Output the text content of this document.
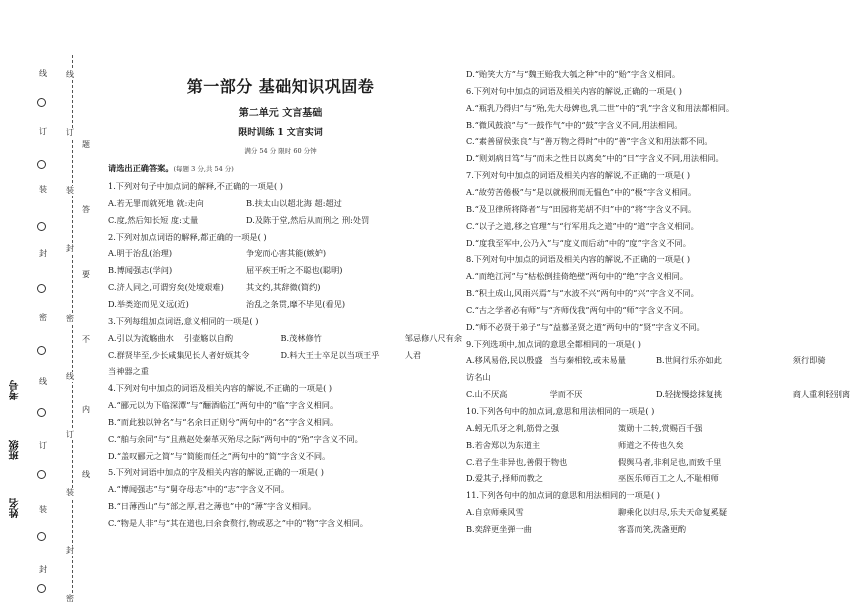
线
订
装
封
密
线
订
装
封
密
线
订
装
封
密
线
订
装
封
题
答
要
不
内
线
姓名
班级
考号
第一部分 基础知识巩固卷
第二单元 文言基础
限时训练 1 文言实词
满分 54 分 限时 60 分钟
请选出正确答案。(每题 3 分,共 54 分)
1.下列对句子中加点词的解释,不正确的一项是( )
A.若无罪而就死地 就:走向	B.扶太山以超北海 超:超过
C.度,然后知长短 度:丈量	D.及陈于堂,然后从而刑之 刑:处罚
2.下列对加点词语的解释,都正确的一项是( )
A.明于治乱(治理)	争宠而心害其能(嫉妒)
B.博闻强志(学问)	屈平疾王听之不聪也(聪明)
C.济人同之,可谓穷矣(处境艰难)	其文约,其辞微(简约)
D.举类迩而见义远(近)	治乱之条贯,靡不毕见(看见)
3.下列每组加点词语,意义相同的一项是( )
A.引以为流觞曲水 引壶觞以自酌	B.茂林修竹	邹忌修八尺有余
C.群贤毕至,少长咸集 见长人者好烦其令	D.料大王士卒足以当项王乎	人君
当神器之重
4.下列对句中加点的词语及相关内容的解说,不正确的一项是( )
A.“郦元以为下临深潭”与“酾酒临江”两句中的“临”字含义相同。
B.“而此独以钟名”与“名余曰正则兮”两句中的“名”字含义相同。
C.“舶与余同”与“且燕赵处秦革灭殆尽之际”两句中的“殆”字含义不同。
D.“盖叹郦元之简”与“简能而任之”两句中的“简”字含义不同。
5.下列对词语中加点的字及相关内容的解说,正确的一项是( )
A.“博闻强志”与“舅夺母志”中的“志”字含义不同。
B.“日薄西山”与“部之厚,君之薄也”中的“薄”字含义相同。
C.“物是人非”与“其在道也,曰余食赘行,物或恶之”中的“物”字含义相同。
D.“贻笑大方”与“魏王贻我大瓠之种”中的“贻”字含义相同。
6.下列对句中加点的词语及相关内容的解说,正确的一项是( )
A.“瓶乳乃得归”与“殆,先大母婢也,乳二世”中的“乳”字含义和用法都相同。
B.“微风鼓浪”与“一鼓作气”中的“鼓”字含义不同,用法相同。
C.“素善留侯张良”与“善万物之得时”中的“善”字含义和用法都不同。
D.“则刘病日笃”与“而未之性日以离矣”中的“日”字含义不同,用法相同。
7.下列对句中加点的词语及相关内容的解说,不正确的一项是( )
A.“故劳苦倦极”与“是以就极刑而无愠色”中的“极”字含义相同。
B.“及卫律所将降者”与“田园将芜胡不归”中的“将”字含义不同。
C.“以子之道,移之官理”与“行军用兵之道”中的“道”字含义相同。
D.“度我至军中,公乃入”与“度义而后动”中的“度”字含义不同。
8.下列对句中加点的词语及相关内容的解说,不正确的一项是( )
A.“而绝江河”与“枯松倒挂倚绝壁”两句中的“绝”字含义相同。
B.“积土成山,风雨兴焉”与“水波不兴”两句中的“兴”字含义不同。
C.“古之学者必有师”与“齐师伐我”两句中的“师”字含义不同。
D.“师不必贤于弟子”与“益慕圣贤之道”两句中的“贤”字含义不同。
9.下列选项中,加点词的意思全都相同的一项是( )
A.移风易俗,民以殷盛 当与秦相较,或未易量	B.世间行乐亦如此	须行即骑
访名山
C.山不厌高	学而不厌	D.轻拢慢捻抹复挑	商人重利轻别离
10.下列各句中的加点词,意思和用法相同的一项是( )
A.蚓无爪牙之利,筋骨之强	策勋十二转,赏赐百千强
B.若舍郑以为东道主	师道之不传也久矣
C.君子生非异也,善假于物也	假舆马者,非利足也,而致千里
D.爱其子,择师而教之	巫医乐师百工之人,不耻相师
11.下列各句中的加点词的意思和用法相同的一项是( )
A.自京师乘风雪	聊乘化以归尽,乐夫天命复奚疑
B.奕辞更坐弹一曲	客喜而笑,洗盏更酌
